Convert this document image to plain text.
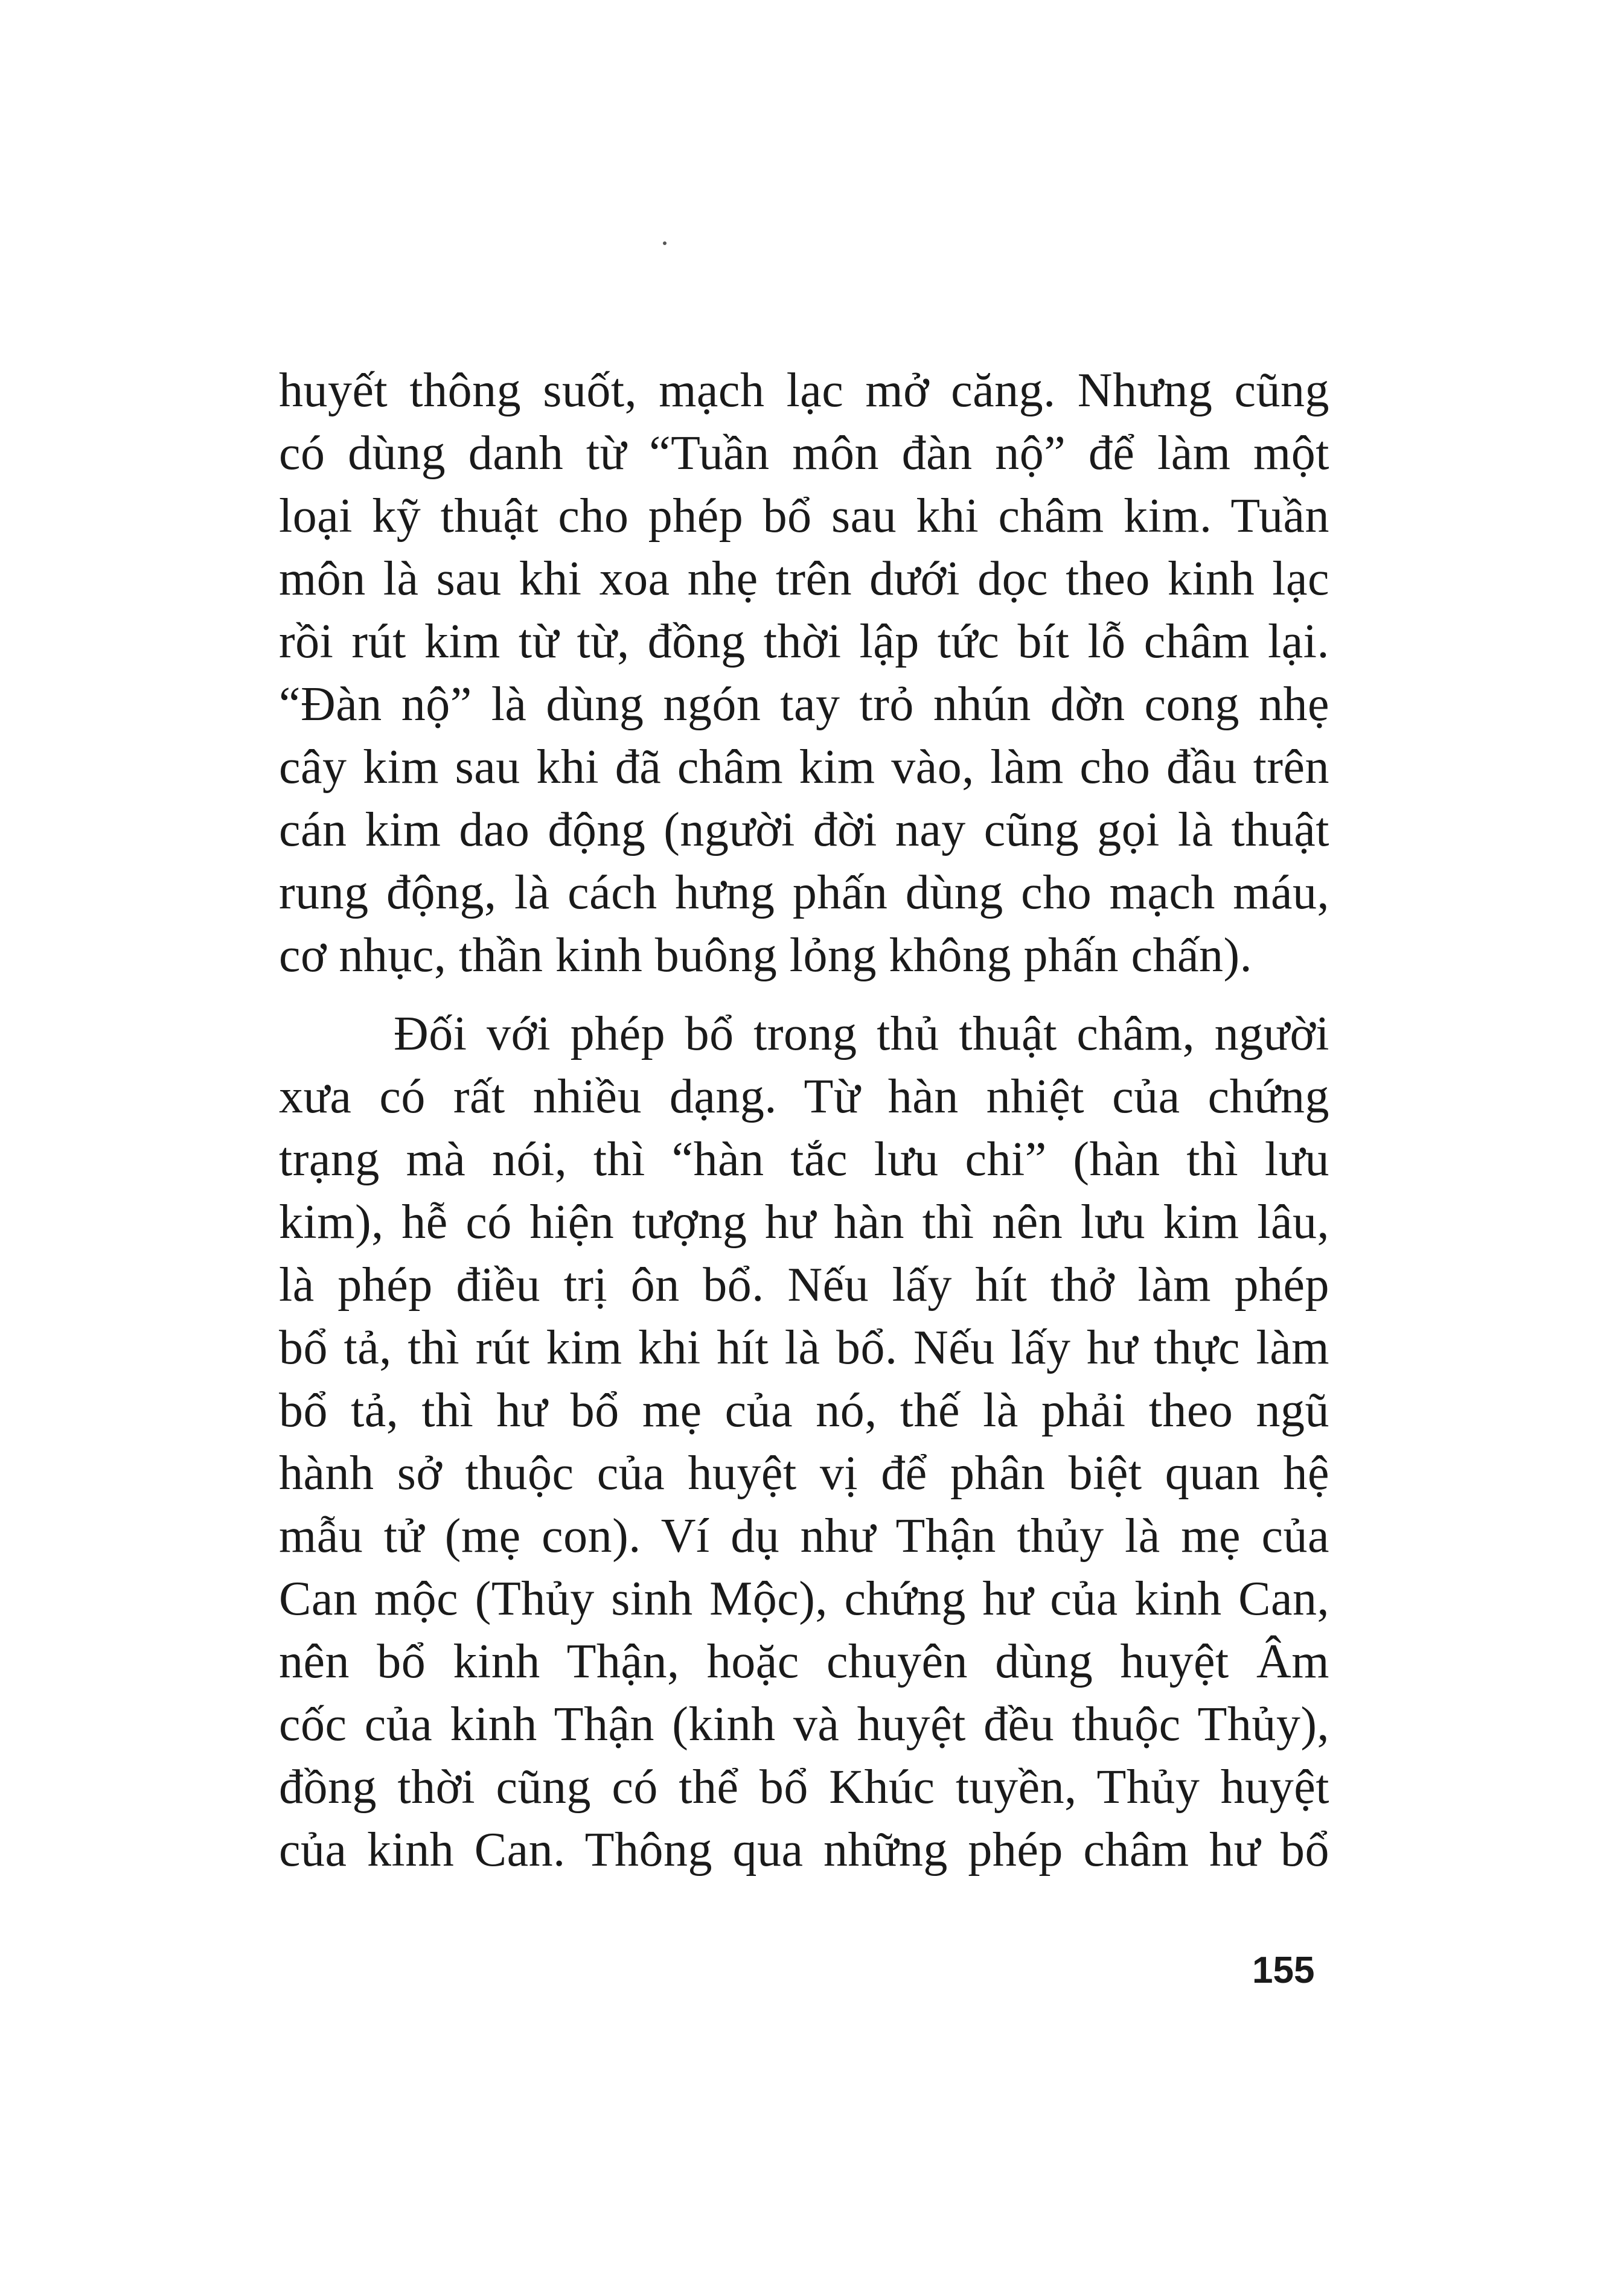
huyết thông suốt, mạch lạc mở căng. Nhưng cũng
có dùng danh từ “Tuần môn đàn nộ” để làm một
loại kỹ thuật cho phép bổ sau khi châm kim. Tuần
môn là sau khi xoa nhẹ trên dưới dọc theo kinh lạc
rồi rút kim từ từ, đồng thời lập tức bít lỗ châm lại.
“Đàn nộ” là dùng ngón tay trỏ nhún dờn cong nhẹ
cây kim sau khi đã châm kim vào, làm cho đầu trên
cán kim dao động (người đời nay cũng gọi là thuật
rung động, là cách hưng phấn dùng cho mạch máu,
cơ nhục, thần kinh buông lỏng không phấn chấn).

Đối với phép bổ trong thủ thuật châm, người
xưa có rất nhiều dạng. Từ hàn nhiệt của chứng
trạng mà nói, thì “hàn tắc lưu chi” (hàn thì lưu
kim), hễ có hiện tượng hư hàn thì nên lưu kim lâu,
là phép điều trị ôn bổ. Nếu lấy hít thở làm phép
bổ tả, thì rút kim khi hít là bổ. Nếu lấy hư thực làm
bổ tả, thì hư bổ mẹ của nó, thế là phải theo ngũ
hành sở thuộc của huyệt vị để phân biệt quan hệ
mẫu tử (mẹ con). Ví dụ như Thận thủy là mẹ của
Can mộc (Thủy sinh Mộc), chứng hư của kinh Can,
nên bổ kinh Thận, hoặc chuyên dùng huyệt Âm
cốc của kinh Thận (kinh và huyệt đều thuộc Thủy),
đồng thời cũng có thể bổ Khúc tuyền, Thủy huyệt
của kinh Can. Thông qua những phép châm hư bổ

155
